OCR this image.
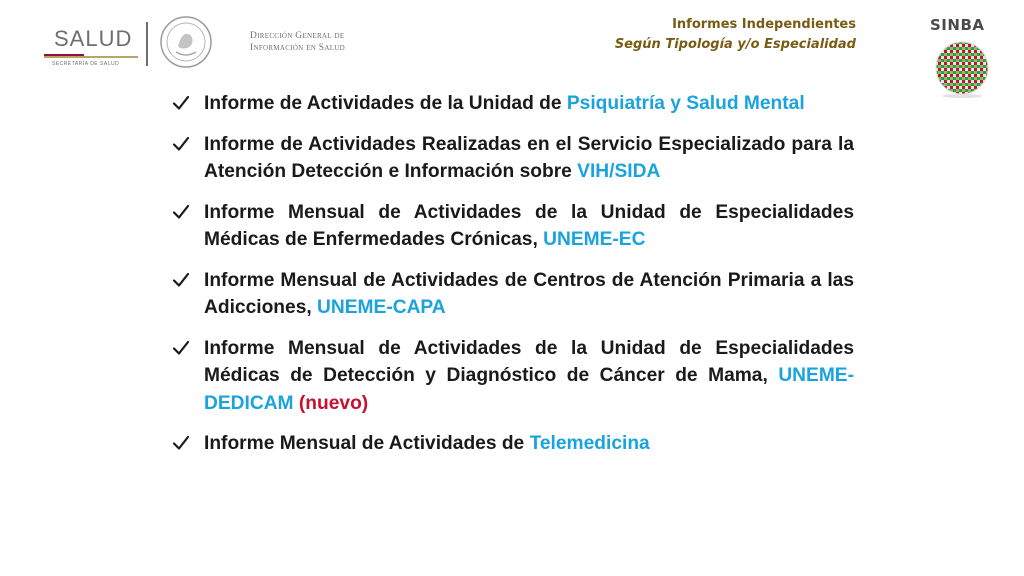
SALUD
SECRETARÍA DE SALUD
Dirección General de
Información en Salud
Informes Independientes
Según Tipología y/o Especialidad
SINBA
Informe de Actividades de la Unidad de Psiquiatría y Salud Mental
Informe de Actividades Realizadas en el Servicio Especializado para la Atención Detección e Información sobre VIH/SIDA
Informe Mensual de Actividades de la Unidad de Especialidades Médicas de Enfermedades Crónicas, UNEME-EC
Informe Mensual de Actividades de Centros de Atención Primaria a las Adicciones, UNEME-CAPA
Informe Mensual de Actividades de la Unidad de Especialidades Médicas de Detección y Diagnóstico de Cáncer de Mama, UNEME-DEDICAM (nuevo)
Informe Mensual de Actividades de Telemedicina
